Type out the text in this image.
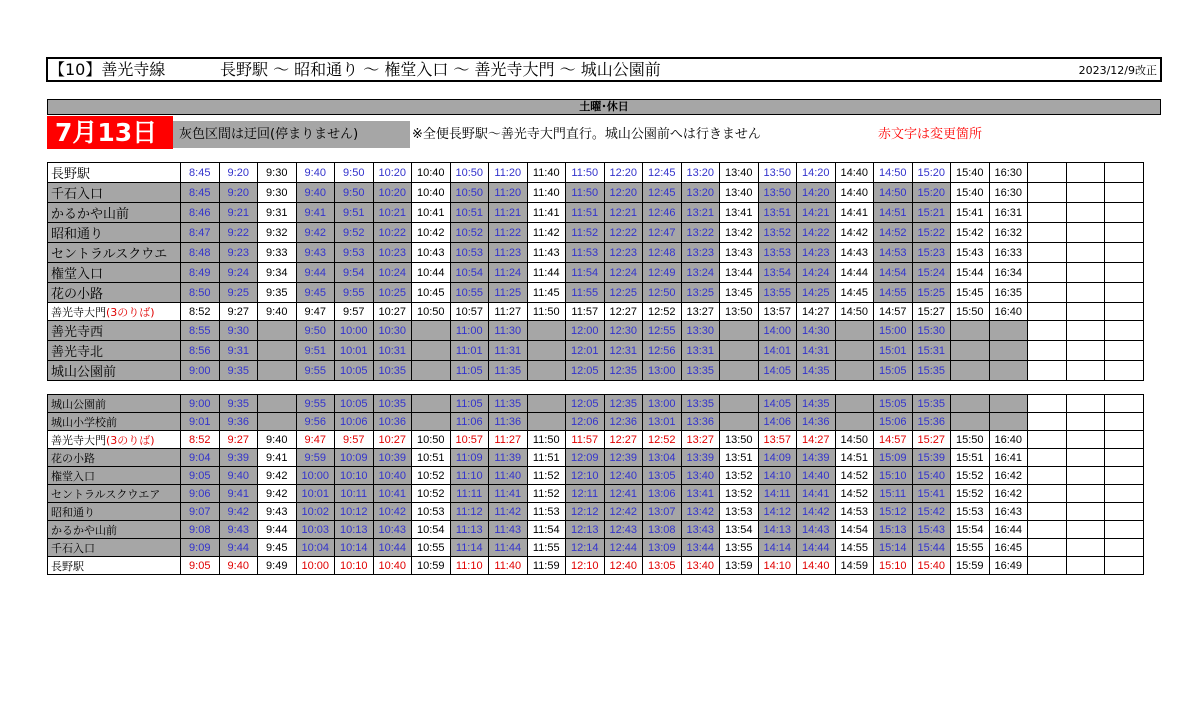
【10】善光寺線	長野駅 ～ 昭和通り ～ 権堂入口 ～ 善光寺大門 ～ 城山公園前	2023/12/9改正
土曜･休日
7月13日	灰色区間は迂回(停まりません)	※全便長野駅～善光寺大門直行。城山公園前へは行きません	赤文字は変更箇所
長野駅	8:45	9:20	9:30	9:40	9:50	10:20	10:40	10:50	11:20	11:40	11:50	12:20	12:45	13:20	13:40	13:50	14:20	14:40	14:50	15:20	15:40	16:30			
千石入口	8:45	9:20	9:30	9:40	9:50	10:20	10:40	10:50	11:20	11:40	11:50	12:20	12:45	13:20	13:40	13:50	14:20	14:40	14:50	15:20	15:40	16:30			
かるかや山前	8:46	9:21	9:31	9:41	9:51	10:21	10:41	10:51	11:21	11:41	11:51	12:21	12:46	13:21	13:41	13:51	14:21	14:41	14:51	15:21	15:41	16:31			
昭和通り	8:47	9:22	9:32	9:42	9:52	10:22	10:42	10:52	11:22	11:42	11:52	12:22	12:47	13:22	13:42	13:52	14:22	14:42	14:52	15:22	15:42	16:32			
セントラルスクウエ	8:48	9:23	9:33	9:43	9:53	10:23	10:43	10:53	11:23	11:43	11:53	12:23	12:48	13:23	13:43	13:53	14:23	14:43	14:53	15:23	15:43	16:33			
権堂入口	8:49	9:24	9:34	9:44	9:54	10:24	10:44	10:54	11:24	11:44	11:54	12:24	12:49	13:24	13:44	13:54	14:24	14:44	14:54	15:24	15:44	16:34			
花の小路	8:50	9:25	9:35	9:45	9:55	10:25	10:45	10:55	11:25	11:45	11:55	12:25	12:50	13:25	13:45	13:55	14:25	14:45	14:55	15:25	15:45	16:35			
善光寺大門(3のりば)	8:52	9:27	9:40	9:47	9:57	10:27	10:50	10:57	11:27	11:50	11:57	12:27	12:52	13:27	13:50	13:57	14:27	14:50	14:57	15:27	15:50	16:40			
善光寺西	8:55	9:30		9:50	10:00	10:30		11:00	11:30		12:00	12:30	12:55	13:30		14:00	14:30		15:00	15:30					
善光寺北	8:56	9:31		9:51	10:01	10:31		11:01	11:31		12:01	12:31	12:56	13:31		14:01	14:31		15:01	15:31					
城山公園前	9:00	9:35		9:55	10:05	10:35		11:05	11:35		12:05	12:35	13:00	13:35		14:05	14:35		15:05	15:35					
城山公園前	9:00	9:35		9:55	10:05	10:35		11:05	11:35		12:05	12:35	13:00	13:35		14:05	14:35		15:05	15:35					
城山小学校前	9:01	9:36		9:56	10:06	10:36		11:06	11:36		12:06	12:36	13:01	13:36		14:06	14:36		15:06	15:36					
善光寺大門(3のりば)	8:52	9:27	9:40	9:47	9:57	10:27	10:50	10:57	11:27	11:50	11:57	12:27	12:52	13:27	13:50	13:57	14:27	14:50	14:57	15:27	15:50	16:40			
花の小路	9:04	9:39	9:41	9:59	10:09	10:39	10:51	11:09	11:39	11:51	12:09	12:39	13:04	13:39	13:51	14:09	14:39	14:51	15:09	15:39	15:51	16:41			
権堂入口	9:05	9:40	9:42	10:00	10:10	10:40	10:52	11:10	11:40	11:52	12:10	12:40	13:05	13:40	13:52	14:10	14:40	14:52	15:10	15:40	15:52	16:42			
セントラルスクウエア	9:06	9:41	9:42	10:01	10:11	10:41	10:52	11:11	11:41	11:52	12:11	12:41	13:06	13:41	13:52	14:11	14:41	14:52	15:11	15:41	15:52	16:42			
昭和通り	9:07	9:42	9:43	10:02	10:12	10:42	10:53	11:12	11:42	11:53	12:12	12:42	13:07	13:42	13:53	14:12	14:42	14:53	15:12	15:42	15:53	16:43			
かるかや山前	9:08	9:43	9:44	10:03	10:13	10:43	10:54	11:13	11:43	11:54	12:13	12:43	13:08	13:43	13:54	14:13	14:43	14:54	15:13	15:43	15:54	16:44			
千石入口	9:09	9:44	9:45	10:04	10:14	10:44	10:55	11:14	11:44	11:55	12:14	12:44	13:09	13:44	13:55	14:14	14:44	14:55	15:14	15:44	15:55	16:45			
長野駅	9:05	9:40	9:49	10:00	10:10	10:40	10:59	11:10	11:40	11:59	12:10	12:40	13:05	13:40	13:59	14:10	14:40	14:59	15:10	15:40	15:59	16:49			
